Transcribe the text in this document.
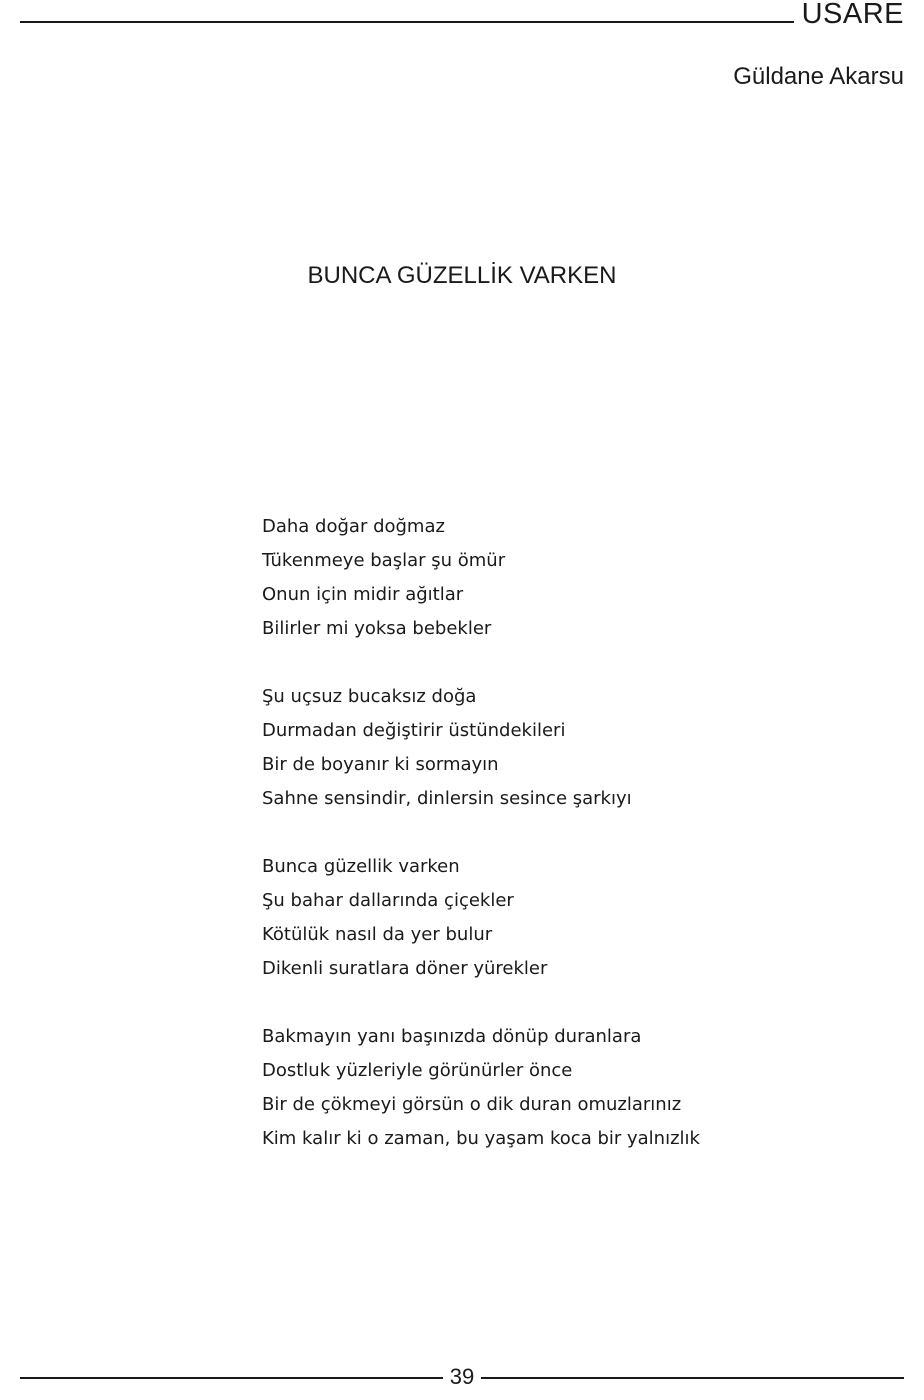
USARE
Güldane Akarsu
BUNCA GÜZELLİK VARKEN
Daha doğar doğmaz
Tükenmeye başlar şu ömür
Onun için midir ağıtlar
Bilirler mi yoksa bebekler
Şu uçsuz bucaksız doğa
Durmadan değiştirir üstündekileri
Bir de boyanır ki sormayın
Sahne sensindir, dinlersin sesince şarkıyı
Bunca güzellik varken
Şu bahar dallarında çiçekler
Kötülük nasıl da yer bulur
Dikenli suratlara döner yürekler
Bakmayın yanı başınızda dönüp duranlara
Dostluk yüzleriyle görünürler önce
Bir de çökmeyi görsün o dik duran omuzlarınız
Kim kalır ki o zaman, bu yaşam koca bir yalnızlık
39
